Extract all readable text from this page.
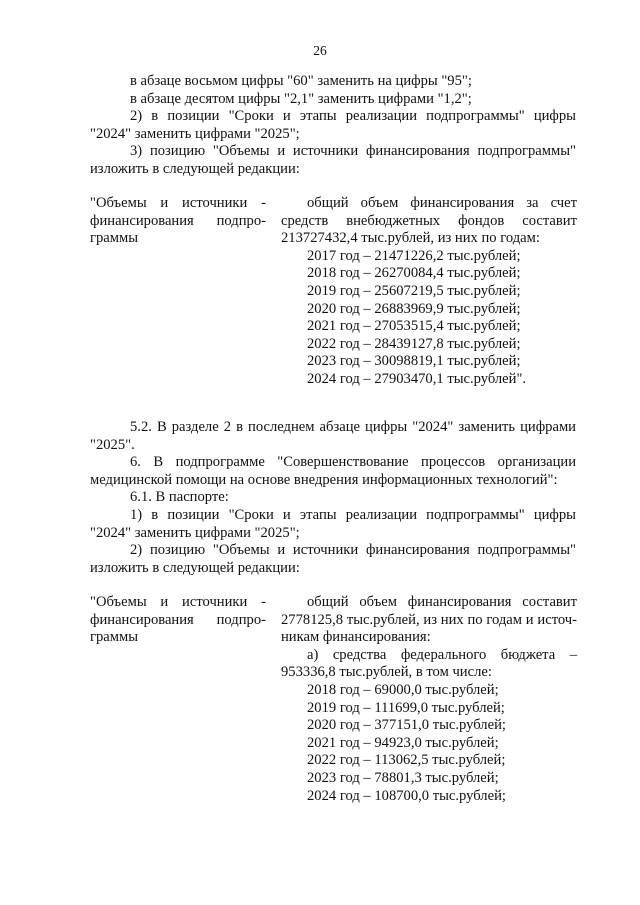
26
в абзаце восьмом цифры "60" заменить на цифры "95";
в абзаце десятом цифры "2,1" заменить цифрами "1,2";
2) в позиции "Сроки и этапы реализации подпрограммы" цифры "2024" заменить цифрами "2025";
3) позицию "Объемы и источники финансирования подпрограммы" изложить в следующей редакции:
"Объемы и источники - финансирования подпро-граммы
общий объем финансирования за счет средств внебюджетных фондов составит 213727432,4 тыс.рублей, из них по годам:
2017 год – 21471226,2 тыс.рублей;
2018 год – 26270084,4 тыс.рублей;
2019 год – 25607219,5 тыс.рублей;
2020 год – 26883969,9 тыс.рублей;
2021 год – 27053515,4 тыс.рублей;
2022 год – 28439127,8 тыс.рублей;
2023 год – 30098819,1 тыс.рублей;
2024 год – 27903470,1 тыс.рублей".
5.2. В разделе 2 в последнем абзаце цифры "2024" заменить цифрами "2025".
6. В подпрограмме "Совершенствование процессов организации медицинской помощи на основе внедрения информационных технологий":
6.1. В паспорте:
1) в позиции "Сроки и этапы реализации подпрограммы" цифры "2024" заменить цифрами "2025";
2) позицию "Объемы и источники финансирования подпрограммы" изложить в следующей редакции:
"Объемы и источники - финансирования подпро-граммы
общий объем финансирования составит 2778125,8 тыс.рублей, из них по годам и источ-никам финансирования:
а) средства федерального бюджета –
953336,8 тыс.рублей, в том числе:
2018 год – 69000,0 тыс.рублей;
2019 год – 111699,0 тыс.рублей;
2020 год – 377151,0 тыс.рублей;
2021 год – 94923,0 тыс.рублей;
2022 год – 113062,5 тыс.рублей;
2023 год – 78801,3 тыс.рублей;
2024 год – 108700,0 тыс.рублей;
